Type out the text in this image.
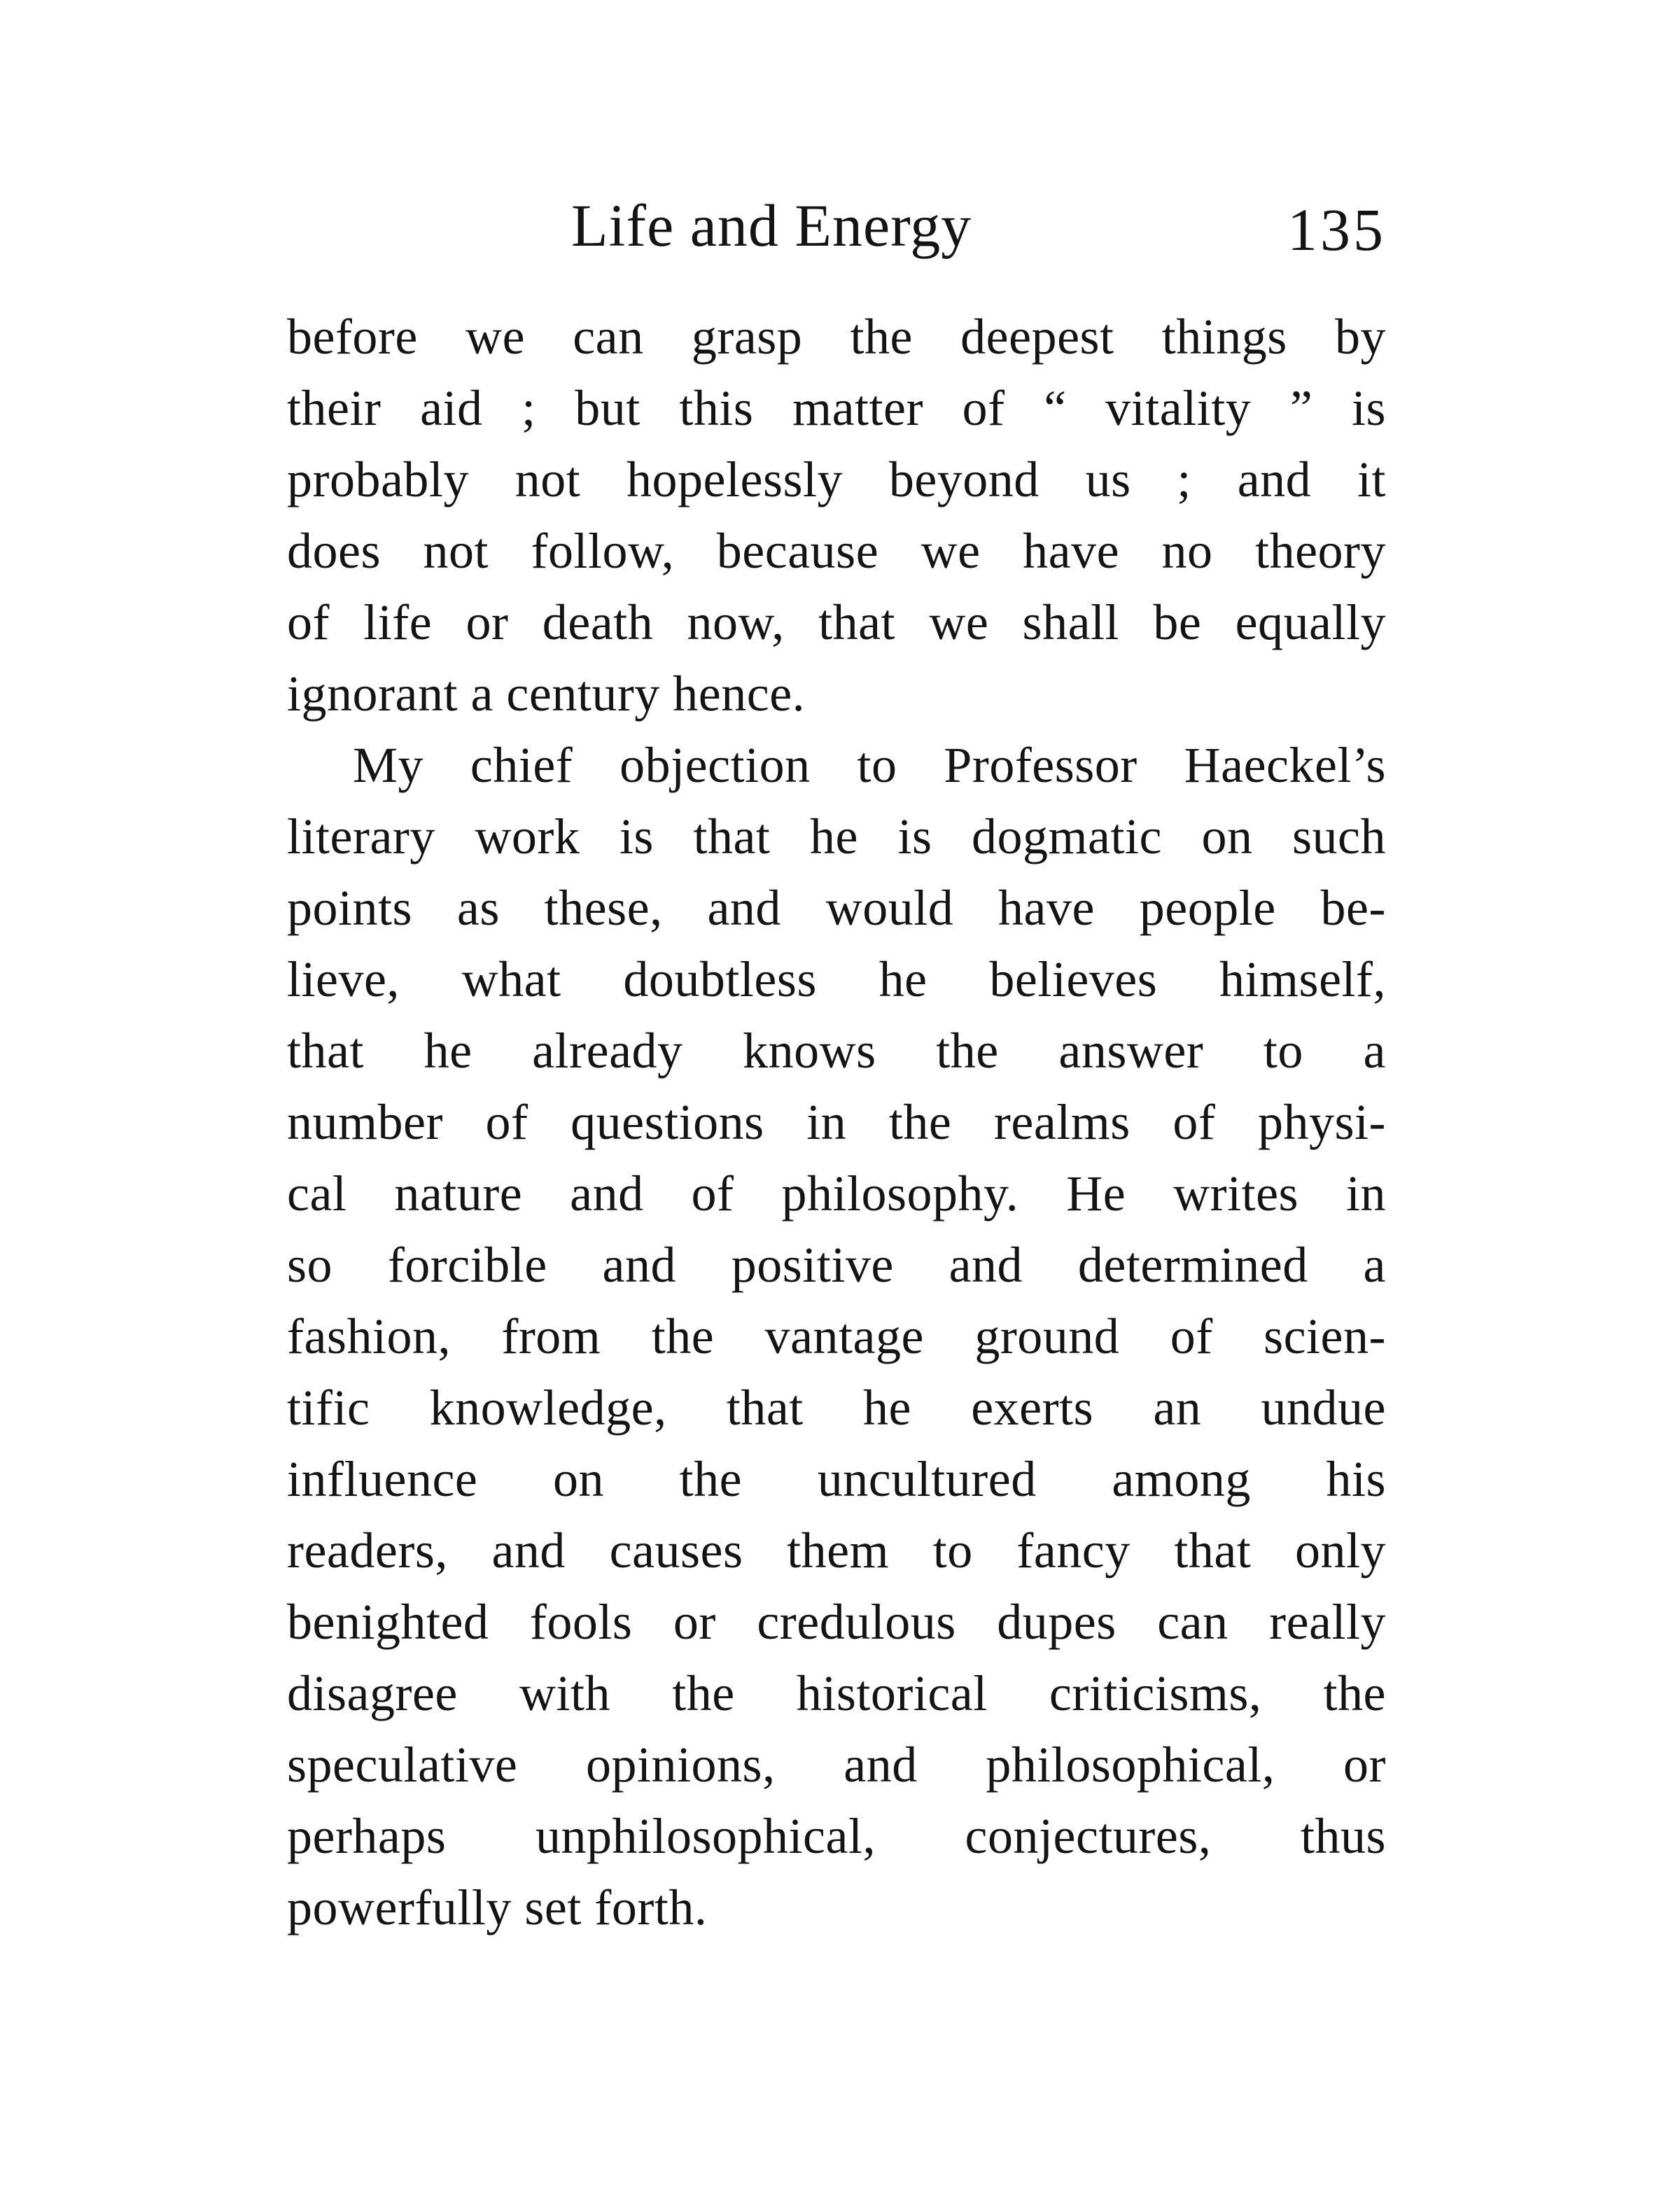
Life and Energy	135
before we can grasp the deepest things by
their aid ; but this matter of “ vitality ” is
probably not hopelessly beyond us ; and it
does not follow, because we have no theory
of life or death now, that we shall be equally
ignorant a century hence.
My chief objection to Professor Haeckel’s
literary work is that he is dogmatic on such
points as these, and would have people be-
lieve, what doubtless he believes himself,
that he already knows the answer to a
number of questions in the realms of physi-
cal nature and of philosophy. He writes in
so forcible and positive and determined a
fashion, from the vantage ground of scien-
tific knowledge, that he exerts an undue
influence on the uncultured among his
readers, and causes them to fancy that only
benighted fools or credulous dupes can really
disagree with the historical criticisms, the
speculative opinions, and philosophical, or
perhaps unphilosophical, conjectures, thus
powerfully set forth.
